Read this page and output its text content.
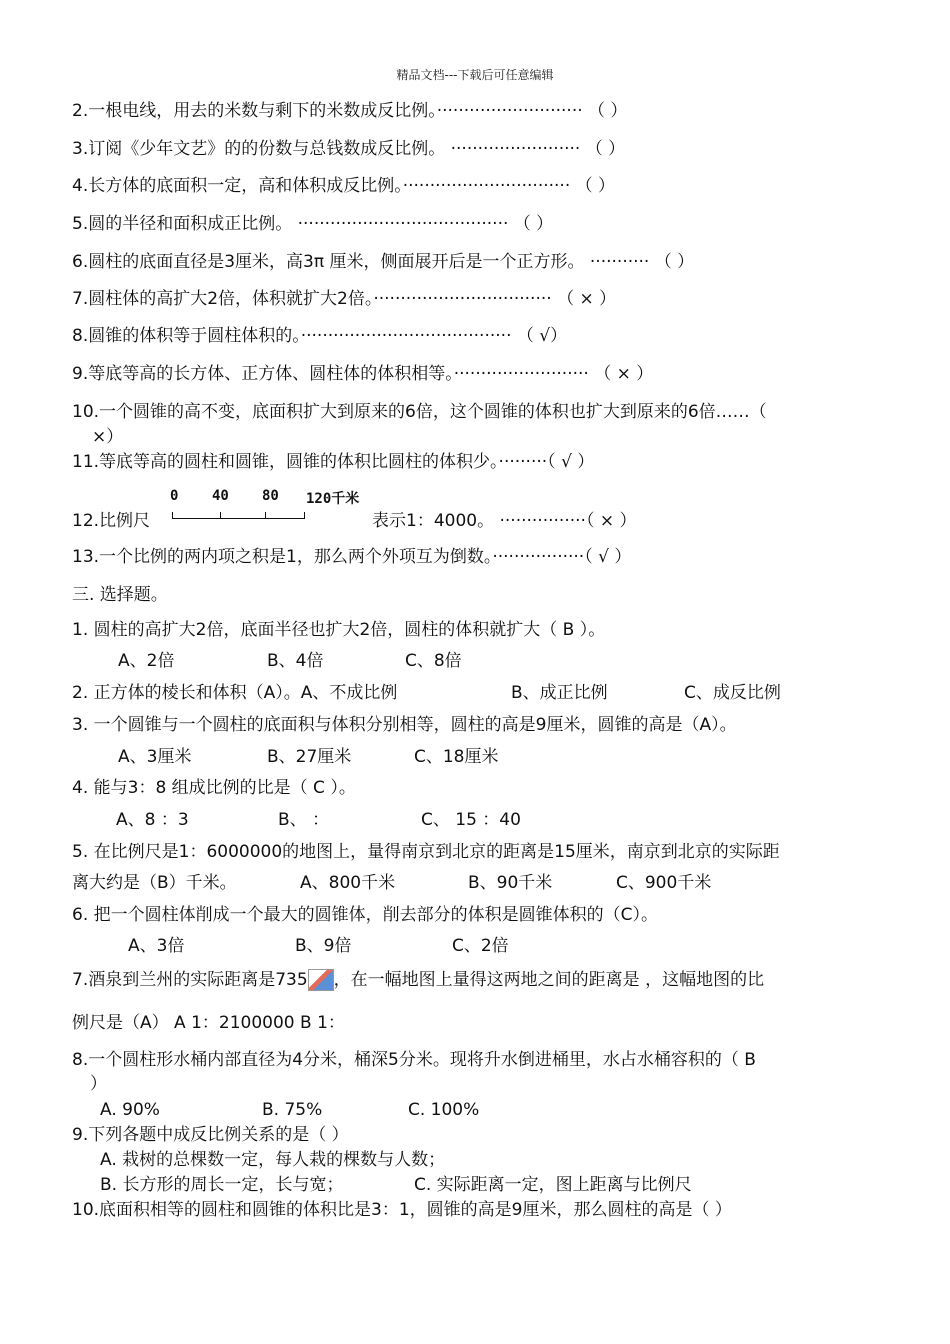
精品文档---下载后可任意编辑
2.一根电线，用去的米数与剩下的米数成反比例。··························· （ ）
3.订阅《少年文艺》的的份数与总钱数成反比例。 ························ （ ）
4.长方体的底面积一定，高和体积成反比例。······························· （ ）
5.圆的半径和面积成正比例。 ······································· （ ）
6.圆柱的底面直径是3厘米，高3π 厘米，侧面展开后是一个正方形。 ··········· （ ）
7.圆柱体的高扩大2倍，体积就扩大2倍。································· （ × ）
8.圆锥的体积等于圆柱体积的。······································· （ √）
9.等底等高的长方体、正方体、圆柱体的体积相等。························· （ × ）
10.一个圆锥的高不变，底面积扩大到原来的6倍，这个圆锥的体积也扩大到原来的6倍……（
×）
11.等底等高的圆柱和圆锥，圆锥的体积比圆柱的体积少。·········（ √ ）
12.比例尺
0 40 80 120千米
表示1：4000。 ················（ × ）
13.一个比例的两内项之积是1，那么两个外项互为倒数。·················（ √ ）
三. 选择题。
1. 圆柱的高扩大2倍，底面半径也扩大2倍，圆柱的体积就扩大（ B ）。
A、2倍	B、4倍	C、8倍
2. 正方体的棱长和体积（A）。A、不成比例	B、成正比例	C、成反比例
3. 一个圆锥与一个圆柱的底面积与体积分别相等，圆柱的高是9厘米，圆锥的高是（A）。
A、3厘米	B、27厘米	C、18厘米
4. 能与3：8 组成比例的比是（ C ）。
A、8 ：3	B、 ：	C、 15 ：40
5. 在比例尺是1：6000000的地图上，量得南京到北京的距离是15厘米，南京到北京的实际距
离大约是（B）千米。	A、800千米	B、90千米	C、900千米
6. 把一个圆柱体削成一个最大的圆锥体，削去部分的体积是圆锥体积的（C）。
A、3倍	B、9倍	C、2倍
7.酒泉到兰州的实际距离是735 ，在一幅地图上量得这两地之间的距离是 ，这幅地图的比
例尺是（A） A 1：2100000 B 1：
8.一个圆柱形水桶内部直径为4分米，桶深5分米。现将升水倒进桶里，水占水桶容积的（ B
）
A. 90%	B. 75%	C. 100%
9.下列各题中成反比例关系的是（ ）
A. 栽树的总棵数一定，每人栽的棵数与人数；
B. 长方形的周长一定，长与宽；	C. 实际距离一定，图上距离与比例尺
10.底面积相等的圆柱和圆锥的体积比是3：1，圆锥的高是9厘米，那么圆柱的高是（ ）
